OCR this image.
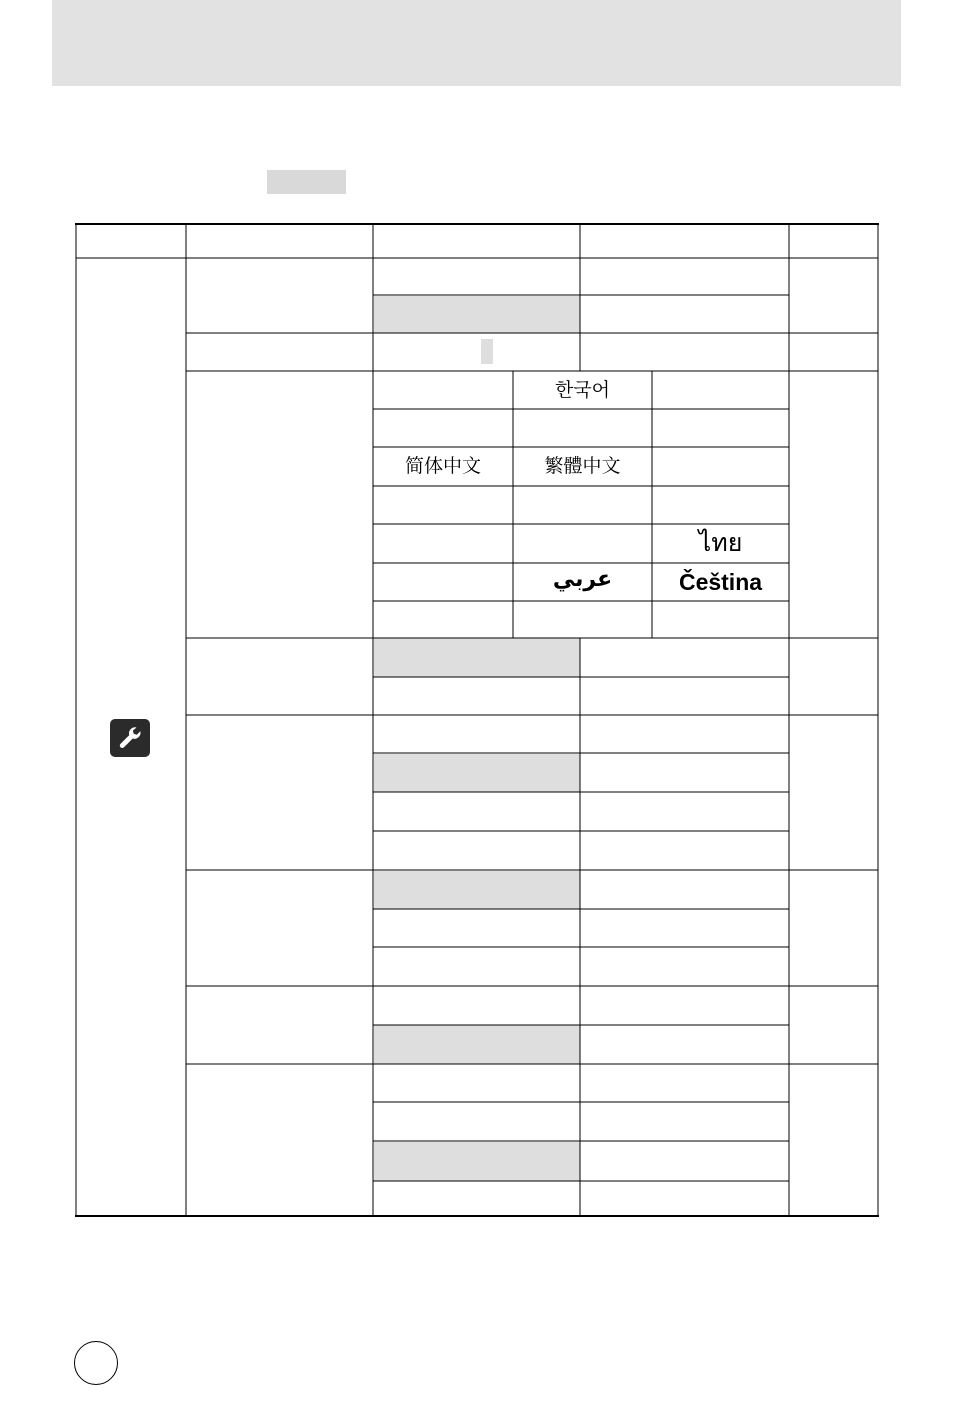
한국어
简体中文	繁體中文
ไทย
عربي	Čeština
